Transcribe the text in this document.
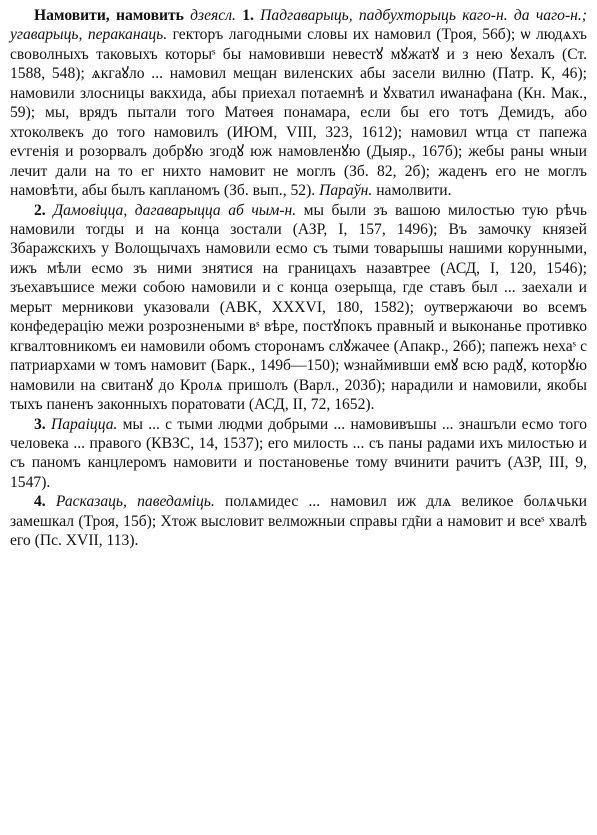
Намовити, намовить дзеясл. 1. Падгаварыць, падбухторыць каго-н. да чаго-н.; угаварыць, пераканаць. гекторъ лагодными словы их намовил (Троя, 56б); ѡ людѧхъ своволныхъ таковыхъ которыˢ бы намовивши невестꙋ мꙋжатꙋ и з нею ꙋехалъ (Ст. 1588, 548); ѧкгаꙋло ... намовил мещан виленских абы засели вилню (Патр. К, 46); намовили злосницы вакхида, абы приехал потаемнѣ и ꙋхватил иѡанафана (Кн. Мак., 59); мы, врядъ пытали того Матѳея понамара, если бы его тотъ Демидъ, або хтоколвекъ до того намовилъ (ИЮМ, VIII, 323, 1612); намовил ѡтца ст папежа еѵгенія и розорвалъ добрꙋю згодꙋ юж намовленꙋю (Дыяр., 167б); жебы раны ѡныи лечит дали на то ег нихто намовит не моглъ (Зб. 82, 2б); жаденъ его не моглъ намовѣти, абы былъ капланомъ (Зб. вып., 52). Параўн. намолвити.

2. Дамовіцца, дагаварыцца аб чым-н. мы были зъ вашою милостью тую рѣчь намовили тогды и на конца зостали (АЗР, I, 157, 1496); Въ замочку князей Збаражскихъ у Волощычахъ намовили есмо съ тыми товарышы нашими корунными, ижъ мѣли есмо зъ ними знятися на границахъ назавтрее (АСД, I, 120, 1546); зъехавъшисе межи собою намовили и с конца озерыща, где ставъ был ... заехали и мерыт мерникови указовали (ABK, XXXVI, 180, 1582); оутвержаючи во всемъ конфедерацію межи розрознеными вˢ вѣре, постꙋпокъ правный и выконанье противко кгвалтовникомъ еи намовили обомъ сторонамъ слꙋжачее (Апакр., 26б); папежъ нехаˢ с патриархами ѡ томъ намовит (Барк., 149б—150); ѡзнаймивши емꙋ всю радꙋ, которꙋю намовили на свитанꙋ до Кролѧ пришолъ (Варл., 203б); нарадили и намовили, якобы тыхъ паненъ законныхъ поратовати (АСД, II, 72, 1652).

3. Параіцца. мы ... с тыми людми добрыми ... намовивъшы ... знашъли есмо того человека ... правого (КВЗС, 14, 1537); его милость ... съ паны радами ихъ милостью и съ паномъ канцлеромъ намовити и постановенье тому вчинити рачитъ (АЗР, III, 9, 1547).

4. Расказаць, паведаміць. полѧмидес ... намовил иж длѧ великое болѧчьки замешкал (Троя, 15б); Хтож высловит велможныи справы гд̃ни а намовит и всеˢ хвалѣ его (Пс. XVII, 113).
